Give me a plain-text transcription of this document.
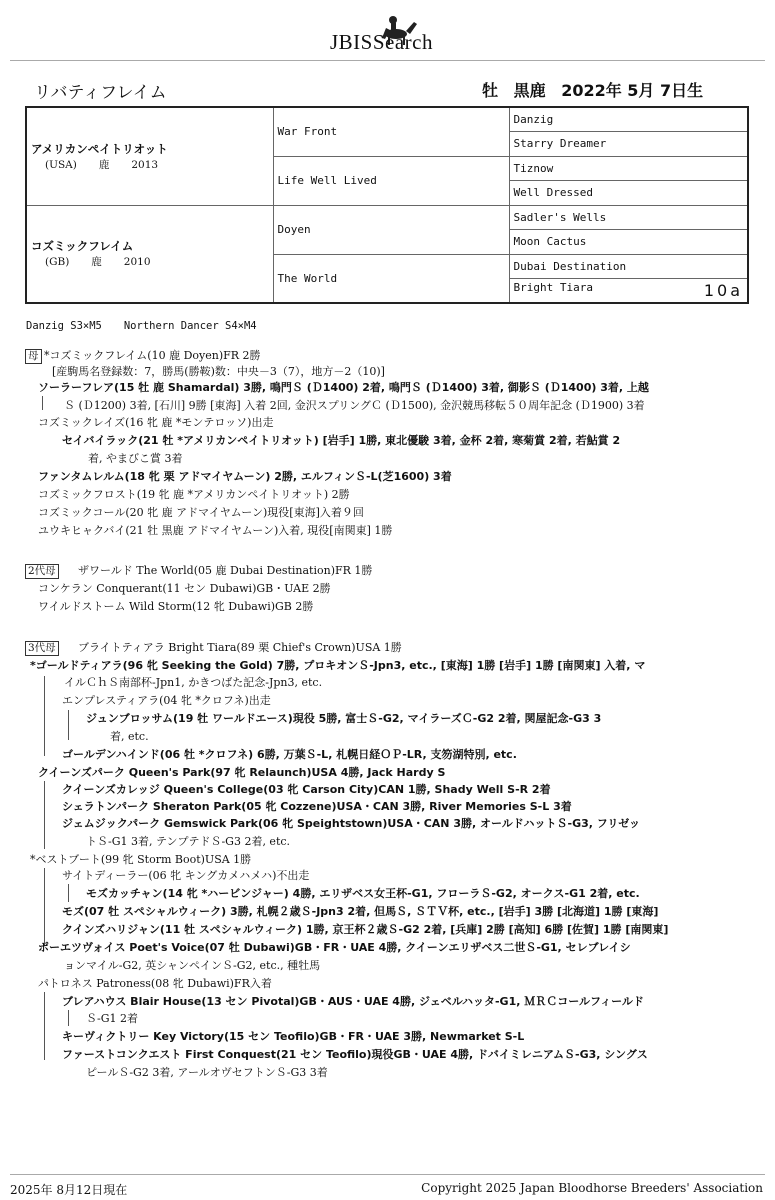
JBISSearch
リバティフレイム	牡 黒鹿 2022年 5月 7日生
アメリカンペイトリオット
(USA) 鹿 2013	War Front	Danzig
		Starry Dreamer
	Life Well Lived	Tiznow
		Well Dressed

コズミックフレイム
(GB) 鹿 2010	Doyen	Sadler's Wells
		Moon Cactus
	The World	Dubai Destination
		Bright Tiara 10a
Danzig S3×M5 Northern Dancer S4×M4
母 *コズミックフレイム(10 鹿 Doyen)FR 2勝
[産駒馬名登録数：7，勝馬(勝鞍)数：中央－3（7），地方－2（10)]
ソーラーフレア(15 牡 鹿 Shamardal) 3勝, 鳴門Ｓ (Ｄ1400) 2着, 鳴門Ｓ (Ｄ1400) 3着, 御影Ｓ (Ｄ1400) 3着, 上越
Ｓ (Ｄ1200) 3着, [石川] 9勝 [東海] 入着 2回, 金沢スプリングＣ (Ｄ1500), 金沢競馬移転５０周年記念 (Ｄ1900) 3着
コズミックレイズ(16 牝 鹿 *モンテロッソ)出走
セイバイラック(21 牡 *アメリカンペイトリオット) [岩手] 1勝, 東北優駿 3着, 金杯 2着, 寒菊賞 2着, 若鮎賞 2
着, やまびこ賞 3着
ファンタムレルム(18 牝 栗 アドマイヤムーン) 2勝, エルフィンＳ-L(芝1600) 3着
コズミックフロスト(19 牝 鹿 *アメリカンペイトリオット) 2勝
コズミックコール(20 牝 鹿 アドマイヤムーン)現役[東海]入着９回
ユウキヒャクバイ(21 牡 黒鹿 アドマイヤムーン)入着, 現役[南関東] 1勝
2代母 ザワールド The World(05 鹿 Dubai Destination)FR 1勝
コンケラン Conquerant(11 セン Dubawi)GB・UAE 2勝
ワイルドストーム Wild Storm(12 牝 Dubawi)GB 2勝
3代母 ブライトティアラ Bright Tiara(89 栗 Chief's Crown)USA 1勝
*ゴールドティアラ(96 牝 Seeking the Gold) 7勝, プロキオンＳ-Jpn3, etc., [東海] 1勝 [岩手] 1勝 [南関東] 入着, マ
イルＣｈＳ南部杯-Jpn1, かきつばた記念-Jpn3, etc.
エンプレスティアラ(04 牝 *クロフネ)出走
ジュンブロッサム(19 牡 ワールドエース)現役 5勝, 富士Ｓ-G2, マイラーズＣ-G2 2着, 関屋記念-G3 3
着, etc.
ゴールデンハインド(06 牡 *クロフネ) 6勝, 万葉Ｓ-L, 札幌日経ＯＰ-LR, 支笏湖特別, etc.
クイーンズパーク Queen's Park(97 牝 Relaunch)USA 4勝, Jack Hardy S
クイーンズカレッジ Queen's College(03 牝 Carson City)CAN 1勝, Shady Well S-R 2着
シェラトンパーク Sheraton Park(05 牝 Cozzene)USA・CAN 3勝, River Memories S-L 3着
ジェムジックパーク Gemswick Park(06 牝 Speightstown)USA・CAN 3勝, オールドハットＳ-G3, フリゼッ
トＳ-G1 3着, テンプテドＳ-G3 2着, etc.
*ベストブート(99 牝 Storm Boot)USA 1勝
サイトディーラー(06 牝 キングカメハメハ)不出走
モズカッチャン(14 牝 *ハービンジャー) 4勝, エリザベス女王杯-G1, フローラＳ-G2, オークス-G1 2着, etc.
モズ(07 牡 スペシャルウィーク) 3勝, 札幌２歳Ｓ-Jpn3 2着, 但馬Ｓ, ＳＴＶ杯, etc., [岩手] 3勝 [北海道] 1勝 [東海]
クインズハリジャン(11 牡 スペシャルウィーク) 1勝, 京王杯２歳Ｓ-G2 2着, [兵庫] 2勝 [高知] 6勝 [佐賀] 1勝 [南関東]
ポーエツヴォイス Poet's Voice(07 牡 Dubawi)GB・FR・UAE 4勝, クイーンエリザベス二世Ｓ-G1, セレブレイシ
ョンマイル-G2, 英シャンペインＳ-G2, etc., 種牡馬
パトロネス Patroness(08 牝 Dubawi)FR入着
ブレアハウス Blair House(13 セン Pivotal)GB・AUS・UAE 4勝, ジェベルハッタ-G1, ＭＲＣコールフィールド
Ｓ-G1 2着
キーヴィクトリー Key Victory(15 セン Teofilo)GB・FR・UAE 3勝, Newmarket S-L
ファーストコンクエスト First Conquest(21 セン Teofilo)現役GB・UAE 4勝, ドバイミレニアムＳ-G3, シングス
ピールＳ-G2 3着, アールオヴセフトンＳ-G3 3着
2025年 8月12日現在	Copyright 2025 Japan Bloodhorse Breeders' Association
